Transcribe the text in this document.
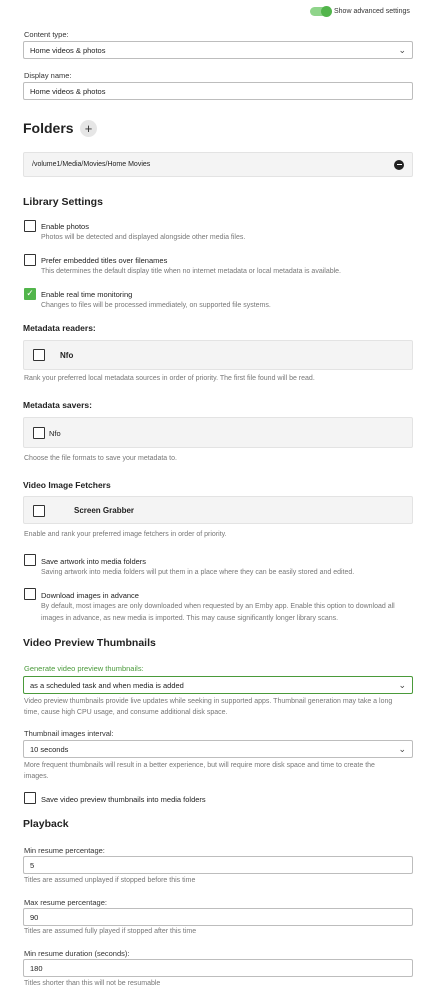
Show advanced settings
Content type:
Home videos & photos	⌄
Display name:
Home videos & photos
Folders +
/volume1/Media/Movies/Home Movies
Library Settings
Enable photos
Photos will be detected and displayed alongside other media files.
Prefer embedded titles over filenames
This determines the default display title when no internet metadata or local metadata is available.
✓ Enable real time monitoring
Changes to files will be processed immediately, on supported file systems.
Metadata readers:
Nfo
Rank your preferred local metadata sources in order of priority. The first file found will be read.
Metadata savers:
Nfo
Choose the file formats to save your metadata to.
Video Image Fetchers
Screen Grabber
Enable and rank your preferred image fetchers in order of priority.
Save artwork into media folders
Saving artwork into media folders will put them in a place where they can be easily stored and edited.
Download images in advance
By default, most images are only downloaded when requested by an Emby app. Enable this option to download all
images in advance, as new media is imported. This may cause significantly longer library scans.
Video Preview Thumbnails
Generate video preview thumbnails:
as a scheduled task and when media is added	⌄
Video preview thumbnails provide live updates while seeking in supported apps. Thumbnail generation may take a long
time, cause high CPU usage, and consume additional disk space.
Thumbnail images interval:
10 seconds	⌄
More frequent thumbnails will result in a better experience, but will require more disk space and time to create the
images.
Save video preview thumbnails into media folders
Playback
Min resume percentage:
5
Titles are assumed unplayed if stopped before this time
Max resume percentage:
90
Titles are assumed fully played if stopped after this time
Min resume duration (seconds):
180
Titles shorter than this will not be resumable
